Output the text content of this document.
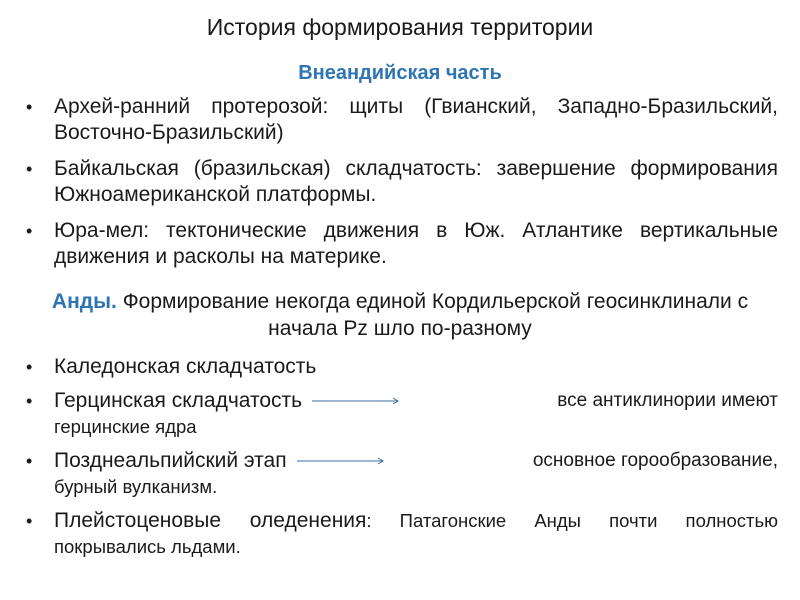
История формирования территории
Внеандийская часть
• Архей-ранний протерозой: щиты (Гвианский, Западно-Бразильский, Восточно-Бразильский)
• Байкальская (бразильская) складчатость: завершение формирования Южноамериканской платформы.
• Юра-мел: тектонические движения в Юж. Атлантике вертикальные движения и расколы на материке.
Анды. Формирование некогда единой Кордильерской геосинклинали с начала Pz шло по-разному
• Каледонская складчатость
• Герцинская складчатость	все антиклинории имеют
герцинские ядра
• Позднеальпийский этап	основное горообразование,
бурный вулканизм.
• Плейстоценовые оледенения: Патагонские Анды почти полностью покрывались льдами.
